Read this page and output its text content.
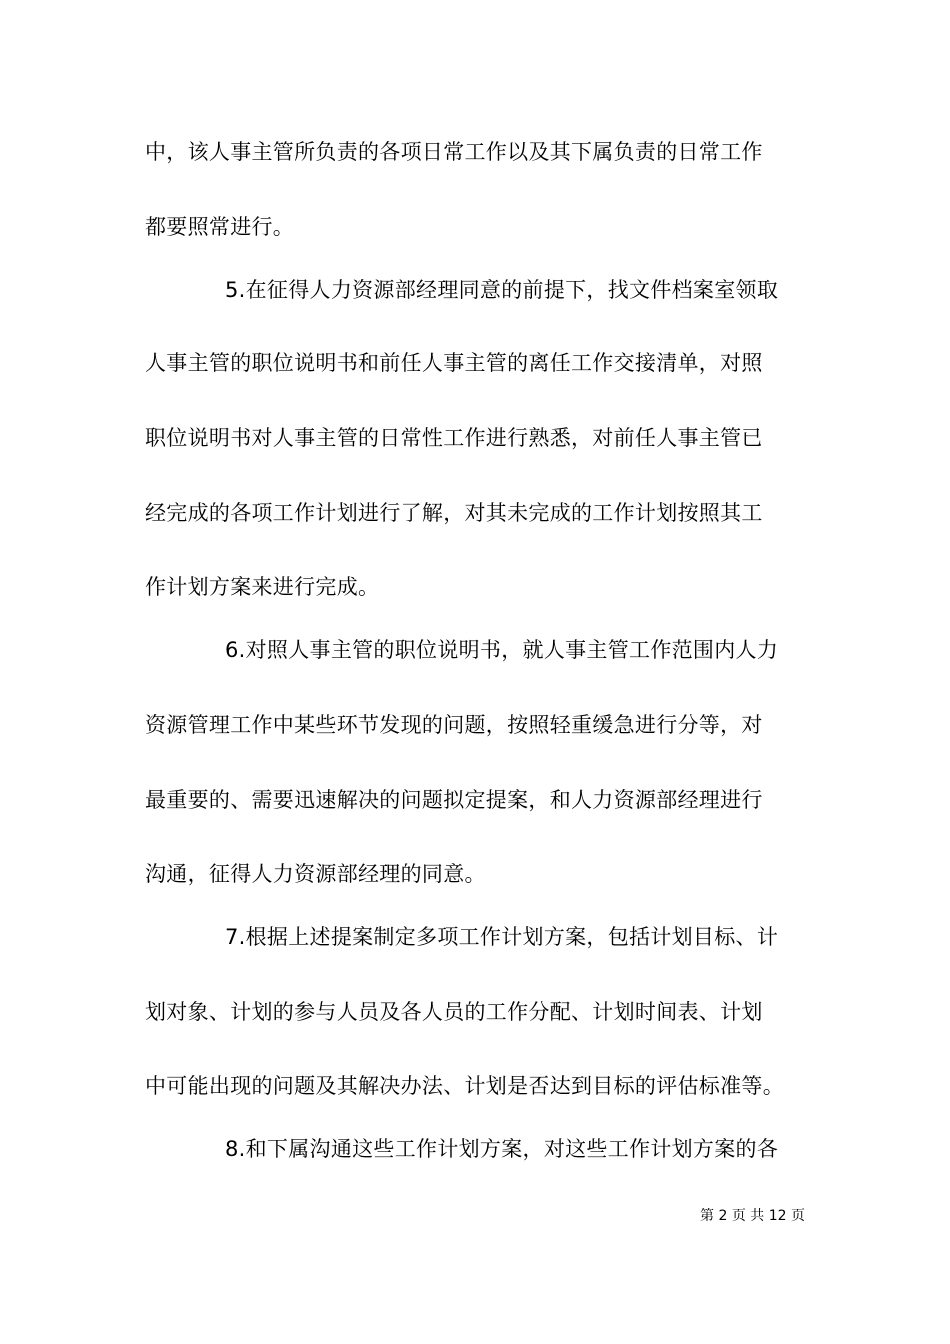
中，该人事主管所负责的各项日常工作以及其下属负责的日常工作
都要照常进行。
5.在征得人力资源部经理同意的前提下，找文件档案室领取
人事主管的职位说明书和前任人事主管的离任工作交接清单，对照
职位说明书对人事主管的日常性工作进行熟悉，对前任人事主管已
经完成的各项工作计划进行了解，对其未完成的工作计划按照其工
作计划方案来进行完成。
6.对照人事主管的职位说明书，就人事主管工作范围内人力
资源管理工作中某些环节发现的问题，按照轻重缓急进行分等，对
最重要的、需要迅速解决的问题拟定提案，和人力资源部经理进行
沟通，征得人力资源部经理的同意。
7.根据上述提案制定多项工作计划方案，包括计划目标、计
划对象、计划的参与人员及各人员的工作分配、计划时间表、计划
中可能出现的问题及其解决办法、计划是否达到目标的评估标准等。
8.和下属沟通这些工作计划方案，对这些工作计划方案的各
第 2 页 共 12 页
